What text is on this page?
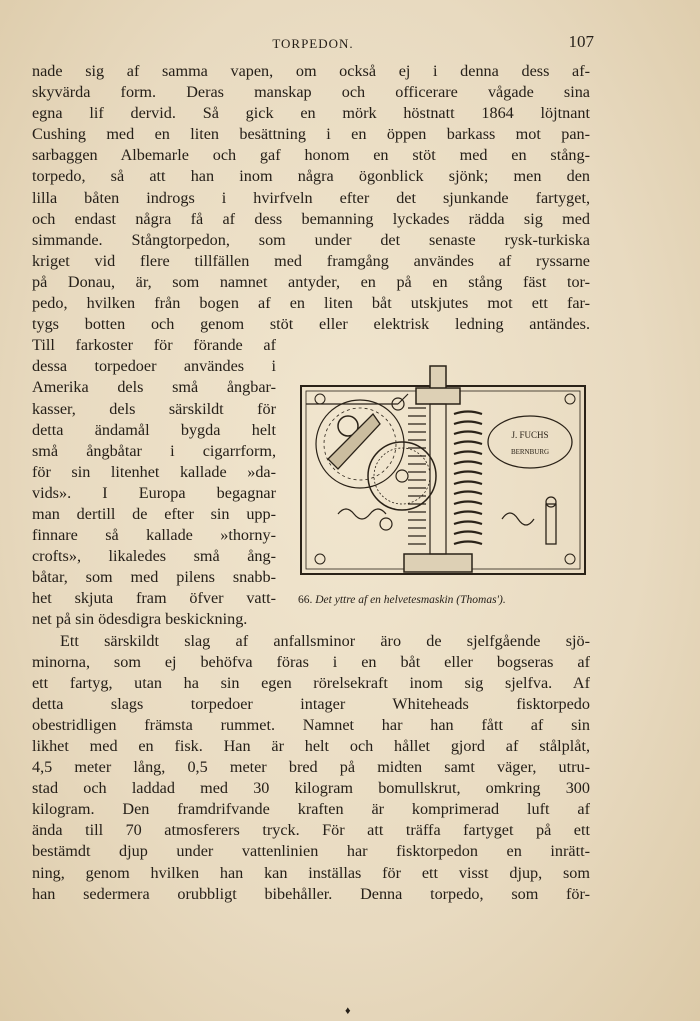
TORPEDON.	107
nade sig af samma vapen, om också ej i denna dess af-
skyvärda form. Deras manskap och officerare vågade sina
egna lif dervid. Så gick en mörk höstnatt 1864 löjtnant
Cushing med en liten besättning i en öppen barkass mot pan-
sarbaggen Albemarle och gaf honom en stöt med en stång-
torpedo, så att han inom några ögonblick sjönk; men den
lilla båten indrogs i hvirfveln efter det sjunkande fartyget,
och endast några få af dess bemanning lyckades rädda sig med
simmande. Stångtorpedon, som under det senaste rysk-turkiska
kriget vid flere tillfällen med framgång användes af ryssarne
på Donau, är, som namnet antyder, en på en stång fäst tor-
pedo, hvilken från bogen af en liten båt utskjutes mot ett far-
tygs botten och genom stöt eller elektrisk ledning antändes.
Till farkoster för förande af
dessa torpedoer användes i
Amerika dels små ångbar-
kasser, dels särskildt för
detta ändamål bygda helt
små ångbåtar i cigarrform,
för sin litenhet kallade »da-
vids». I Europa begagnar
man dertill de efter sin upp-
finnare så kallade »thorny-
crofts», likaledes små ång-
båtar, som med pilens snabb-
het skjuta fram öfver vatt-
net på sin ödesdigra beskickning.
Ett särskildt slag af anfallsminor äro de sjelfgående sjö-
minorna, som ej behöfva föras i en båt eller bogseras af
ett fartyg, utan ha sin egen rörelsekraft inom sig sjelfva. Af
detta slags torpedoer intager Whiteheads fisktorpedo
obestridligen främsta rummet. Namnet har han fått af sin
likhet med en fisk. Han är helt och hållet gjord af stålplåt,
4,5 meter lång, 0,5 meter bred på midten samt väger, utru-
stad och laddad med 30 kilogram bomullskrut, omkring 300
kilogram. Den framdrifvande kraften är komprimerad luft af
ända till 70 atmosferers tryck. För att träffa fartyget på ett
bestämdt djup under vattenlinien har fisktorpedon en inrätt-
ning, genom hvilken han kan inställas för ett visst djup, som
han sedermera orubbligt bibehåller. Denna torpedo, som för-
J. FUCHS
BERNBURG
66. Det yttre af en helvetesmaskin (Thomas').
♦
